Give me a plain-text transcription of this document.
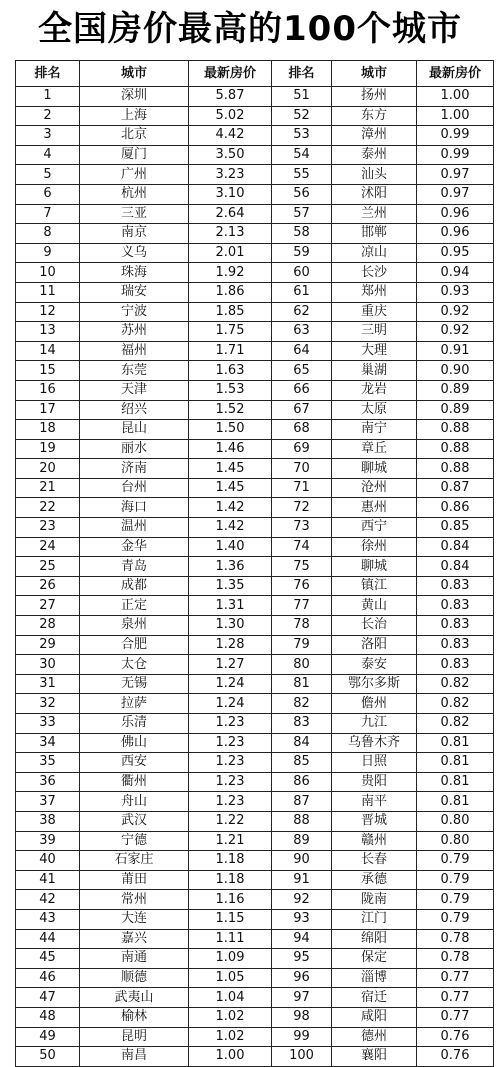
全国房价最高的100个城市
排名	城市	最新房价	排名	城市	最新房价
1	深圳	5.87	51	扬州	1.00
2	上海	5.02	52	东方	1.00
3	北京	4.42	53	漳州	0.99
4	厦门	3.50	54	泰州	0.99
5	广州	3.23	55	汕头	0.97
6	杭州	3.10	56	沭阳	0.97
7	三亚	2.64	57	兰州	0.96
8	南京	2.13	58	邯郸	0.96
9	义乌	2.01	59	凉山	0.95
10	珠海	1.92	60	长沙	0.94
11	瑞安	1.86	61	郑州	0.93
12	宁波	1.85	62	重庆	0.92
13	苏州	1.75	63	三明	0.92
14	福州	1.71	64	大理	0.91
15	东莞	1.63	65	巢湖	0.90
16	天津	1.53	66	龙岩	0.89
17	绍兴	1.52	67	太原	0.89
18	昆山	1.50	68	南宁	0.88
19	丽水	1.46	69	章丘	0.88
20	济南	1.45	70	聊城	0.88
21	台州	1.45	71	沧州	0.87
22	海口	1.42	72	惠州	0.86
23	温州	1.42	73	西宁	0.85
24	金华	1.40	74	徐州	0.84
25	青岛	1.36	75	聊城	0.84
26	成都	1.35	76	镇江	0.83
27	正定	1.31	77	黄山	0.83
28	泉州	1.30	78	长治	0.83
29	合肥	1.28	79	洛阳	0.83
30	太仓	1.27	80	泰安	0.83
31	无锡	1.24	81	鄂尔多斯	0.82
32	拉萨	1.24	82	儋州	0.82
33	乐清	1.23	83	九江	0.82
34	佛山	1.23	84	乌鲁木齐	0.81
35	西安	1.23	85	日照	0.81
36	衢州	1.23	86	贵阳	0.81
37	舟山	1.23	87	南平	0.81
38	武汉	1.22	88	晋城	0.80
39	宁德	1.21	89	赣州	0.80
40	石家庄	1.18	90	长春	0.79
41	莆田	1.18	91	承德	0.79
42	常州	1.16	92	陇南	0.79
43	大连	1.15	93	江门	0.79
44	嘉兴	1.11	94	绵阳	0.78
45	南通	1.09	95	保定	0.78
46	顺德	1.05	96	淄博	0.77
47	武夷山	1.04	97	宿迁	0.77
48	榆林	1.02	98	咸阳	0.77
49	昆明	1.02	99	德州	0.76
50	南昌	1.00	100	襄阳	0.76
